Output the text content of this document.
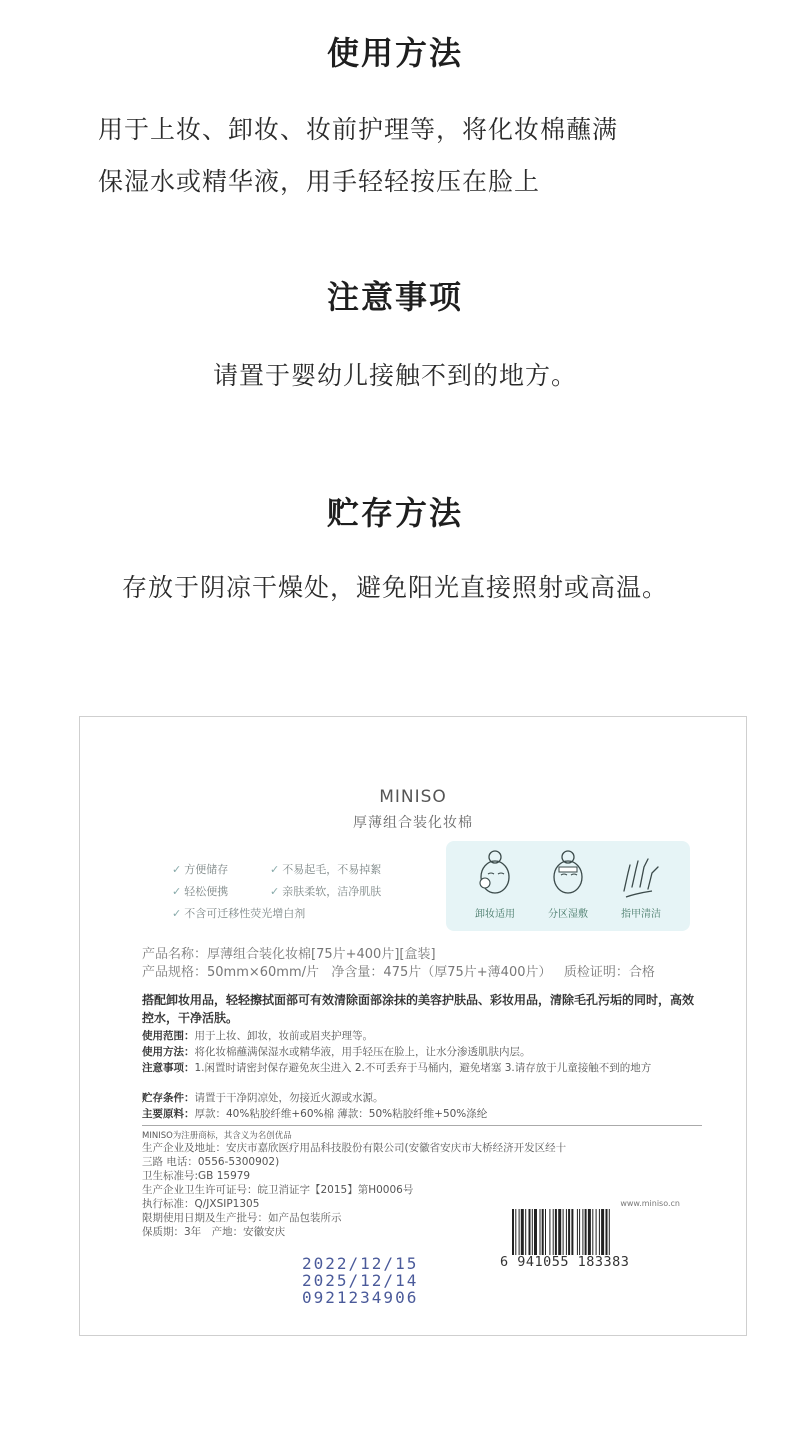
使用方法
用于上妆、卸妆、妆前护理等，将化妆棉蘸满
保湿水或精华液，用手轻轻按压在脸上
注意事项
请置于婴幼儿接触不到的地方。
贮存方法
存放于阴凉干燥处，避免阳光直接照射或高温。
MINISO
厚薄组合装化妆棉
✓ 方便储存	✓ 不易起毛，不易掉絮
✓ 轻松便携	✓ 亲肤柔软，洁净肌肤
✓ 不含可迁移性荧光增白剂	卸妆适用	分区湿敷	指甲清洁
产品名称：厚薄组合装化妆棉[75片+400片][盒装]
产品规格：50mm×60mm/片 净含量：475片（厚75片+薄400片） 质检证明：合格
搭配卸妆用品，轻轻擦拭面部可有效清除面部涂抹的美容护肤品、彩妆用品，清除毛孔污垢的同时，高效控水，干净活肤。
使用范围：用于上妆、卸妆，妆前或眉夹护理等。
使用方法：将化妆棉蘸满保湿水或精华液，用手轻压在脸上，让水分渗透肌肤内层。
注意事项：1.闲置时请密封保存避免灰尘进入 2.不可丢弃于马桶内，避免堵塞 3.请存放于儿童接触不到的地方
贮存条件：请置于干净阴凉处，勿接近火源或水源。
主要原料：厚款：40%粘胶纤维+60%棉 薄款：50%粘胶纤维+50%涤纶
MINISO为注册商标，其含义为名创优品
生产企业及地址：安庆市嘉欣医疗用品科技股份有限公司(安徽省安庆市大桥经济开发区经十
三路 电话：0556-5300902)
卫生标准号:GB 15979
生产企业卫生许可证号：皖卫消证字【2015】第H0006号
执行标准：Q/JXSIP1305
限期使用日期及生产批号：如产品包装所示
保质期：3年　产地：安徽安庆
www.miniso.cn
6 941055 183383
2022/12/15
2025/12/14
0921234906
